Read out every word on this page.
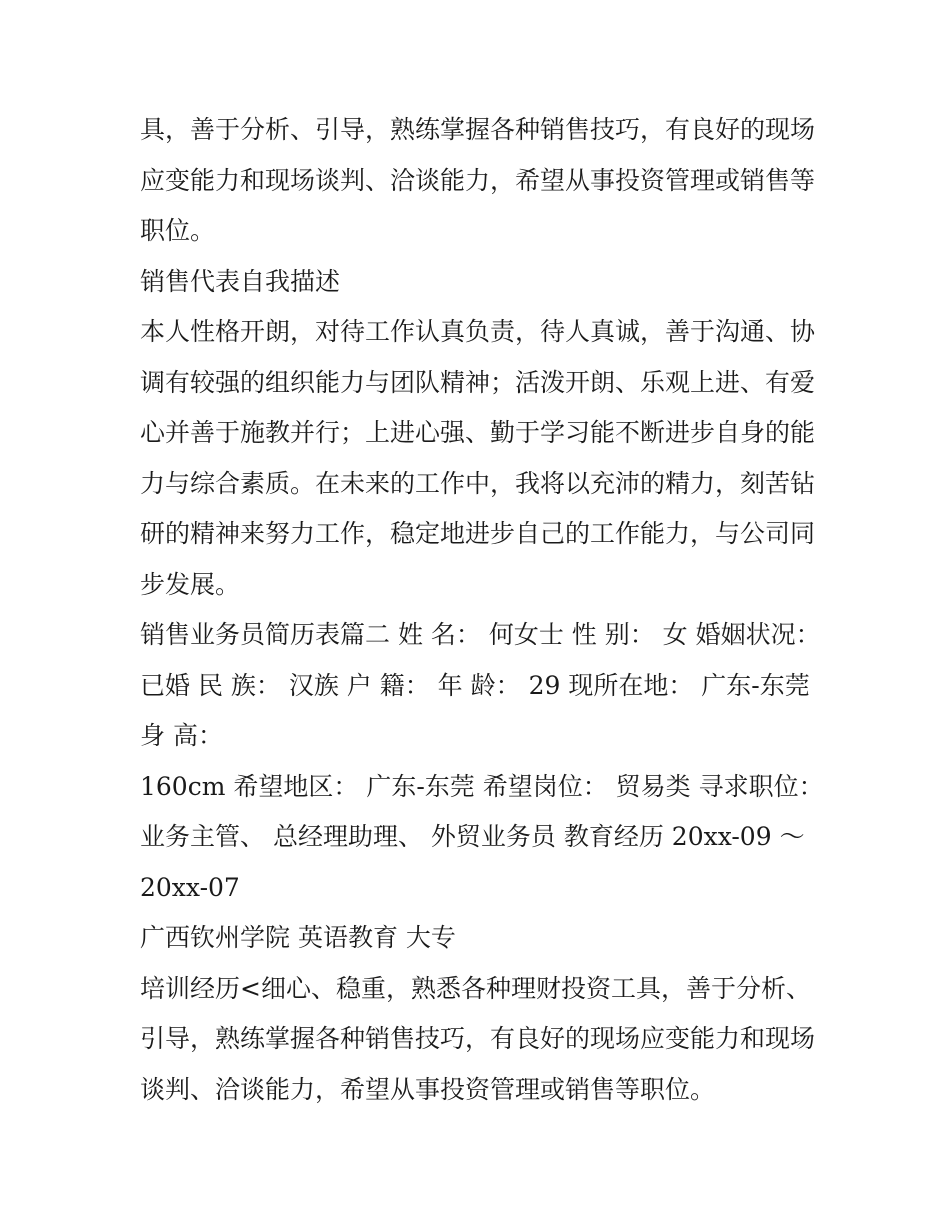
具，善于分析、引导，熟练掌握各种销售技巧，有良好的现场
应变能力和现场谈判、洽谈能力，希望从事投资管理或销售等
职位。
销售代表自我描述
本人性格开朗，对待工作认真负责，待人真诚，善于沟通、协
调有较强的组织能力与团队精神；活泼开朗、乐观上进、有爱
心并善于施教并行；上进心强、勤于学习能不断进步自身的能
力与综合素质。在未来的工作中，我将以充沛的精力，刻苦钻
研的精神来努力工作，稳定地进步自己的工作能力，与公司同
步发展。
销售业务员简历表篇二 姓 名： 何女士 性 别： 女 婚姻状况：
已婚 民 族： 汉族 户 籍： 年 龄： 29 现所在地： 广东-东莞
身 高：
160cm 希望地区： 广东-东莞 希望岗位： 贸易类 寻求职位：
业务主管、 总经理助理、 外贸业务员 教育经历 20xx-09 ～
20xx-07
广西钦州学院 英语教育 大专
培训经历<细心、稳重，熟悉各种理财投资工具，善于分析、
引导，熟练掌握各种销售技巧，有良好的现场应变能力和现场
谈判、洽谈能力，希望从事投资管理或销售等职位。
